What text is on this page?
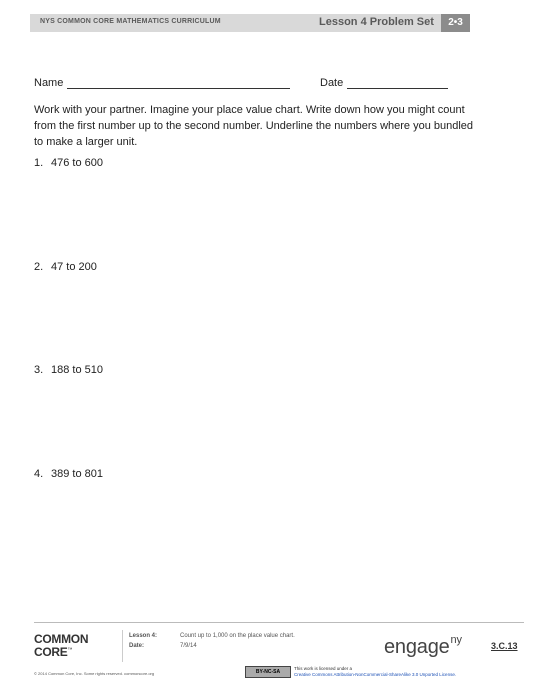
NYS COMMON CORE MATHEMATICS CURRICULUM	Lesson 4 Problem Set	2•3
Name	Date
Work with your partner. Imagine your place value chart. Write down how you might count from the first number up to the second number. Underline the numbers where you bundled to make a larger unit.
1. 476 to 600
2. 47 to 200
3. 188 to 510
4. 389 to 801
COMMON
CORE™
Lesson 4:	Count up to 1,000 on the place value chart.
Date:	7/9/14	engage$^{ny}$	3.C.13
© 2014 Common Core, Inc. Some rights reserved. commoncore.org	BY-NC-SA
This work is licensed under a
Creative Commons Attribution-NonCommercial-ShareAlike 3.0 Unported License.
